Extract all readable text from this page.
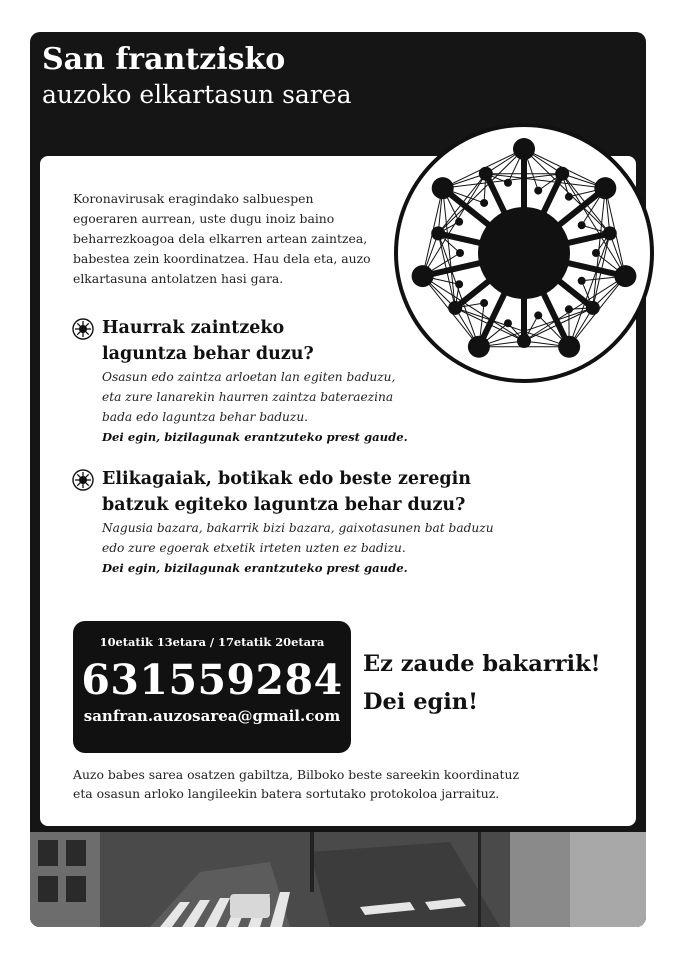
San frantzisko

auzoko elkartasun sarea

Koronavirusak eragindako salbuespen egoeraren aurrean, uste dugu inoiz baino beharrezkoagoa dela elkarren artean zaintzea, babestea zein koordinatzea. Hau dela eta, auzo elkartasuna antolatzen hasi gara.
Haurrak zaintzeko
laguntza behar duzu?
Osasun edo zaintza arloetan lan egiten baduzu,
eta zure lanarekin haurren zaintza bateraezina
bada edo laguntza behar baduzu.
Dei egin, bizilagunak erantzuteko prest gaude.
Elikagaiak, botikak edo beste zeregin
batzuk egiteko laguntza behar duzu?
Nagusia bazara, bakarrik bizi bazara, gaixotasunen bat baduzu
edo zure egoerak etxetik irteten uzten ez badizu.
Dei egin, bizilagunak erantzuteko prest gaude.
10etatik 13etara / 17etatik 20etara
631559284
sanfran.auzosarea@gmail.com
Ez zaude bakarrik!
Dei egin!
Auzo babes sarea osatzen gabiltza, Bilboko beste sareekin koordinatuz
eta osasun arloko langileekin batera sortutako protokoloa jarraituz.
